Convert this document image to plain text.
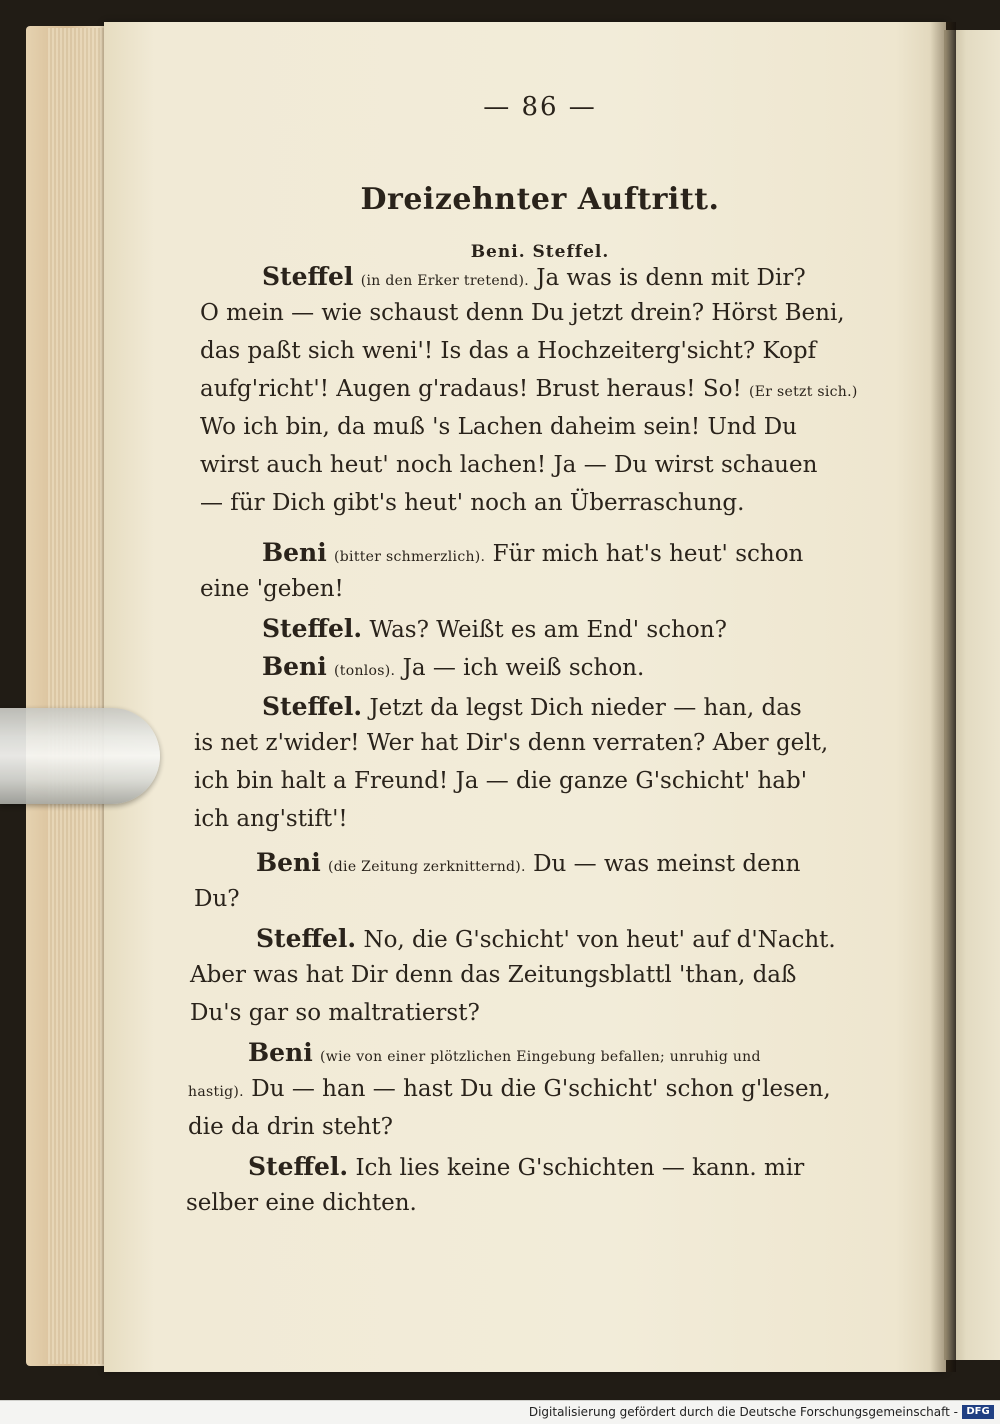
— 86 —
Dreizehnter Auftritt.
Beni. Steffel.
Steffel (in den Erker tretend). Ja was is denn mit Dir?
O mein — wie schaust denn Du jetzt drein? Hörst Beni,
das paßt sich weni'! Is das a Hochzeiterg'sicht? Kopf
aufg'richt'! Augen g'radaus! Brust heraus! So! (Er setzt sich.)
Wo ich bin, da muß 's Lachen daheim sein! Und Du
wirst auch heut' noch lachen! Ja — Du wirst schauen
— für Dich gibt's heut' noch an Überraschung.
Beni (bitter schmerzlich). Für mich hat's heut' schon
eine 'geben!
Steffel. Was? Weißt es am End' schon?
Beni (tonlos). Ja — ich weiß schon.
Steffel. Jetzt da legst Dich nieder — han, das
is net z'wider! Wer hat Dir's denn verraten? Aber gelt,
ich bin halt a Freund! Ja — die ganze G'schicht' hab'
ich ang'stift'!
Beni (die Zeitung zerknitternd). Du — was meinst denn
Du?
Steffel. No, die G'schicht' von heut' auf d'Nacht.
Aber was hat Dir denn das Zeitungsblattl 'than, daß
Du's gar so maltratierst?
Beni (wie von einer plötzlichen Eingebung befallen; unruhig und
hastig). Du — han — hast Du die G'schicht' schon g'lesen,
die da drin steht?
Steffel. Ich lies keine G'schichten — kann. mir
selber eine dichten.
Digitalisierung gefördert durch die Deutsche Forschungsgemeinschaft - DFG
